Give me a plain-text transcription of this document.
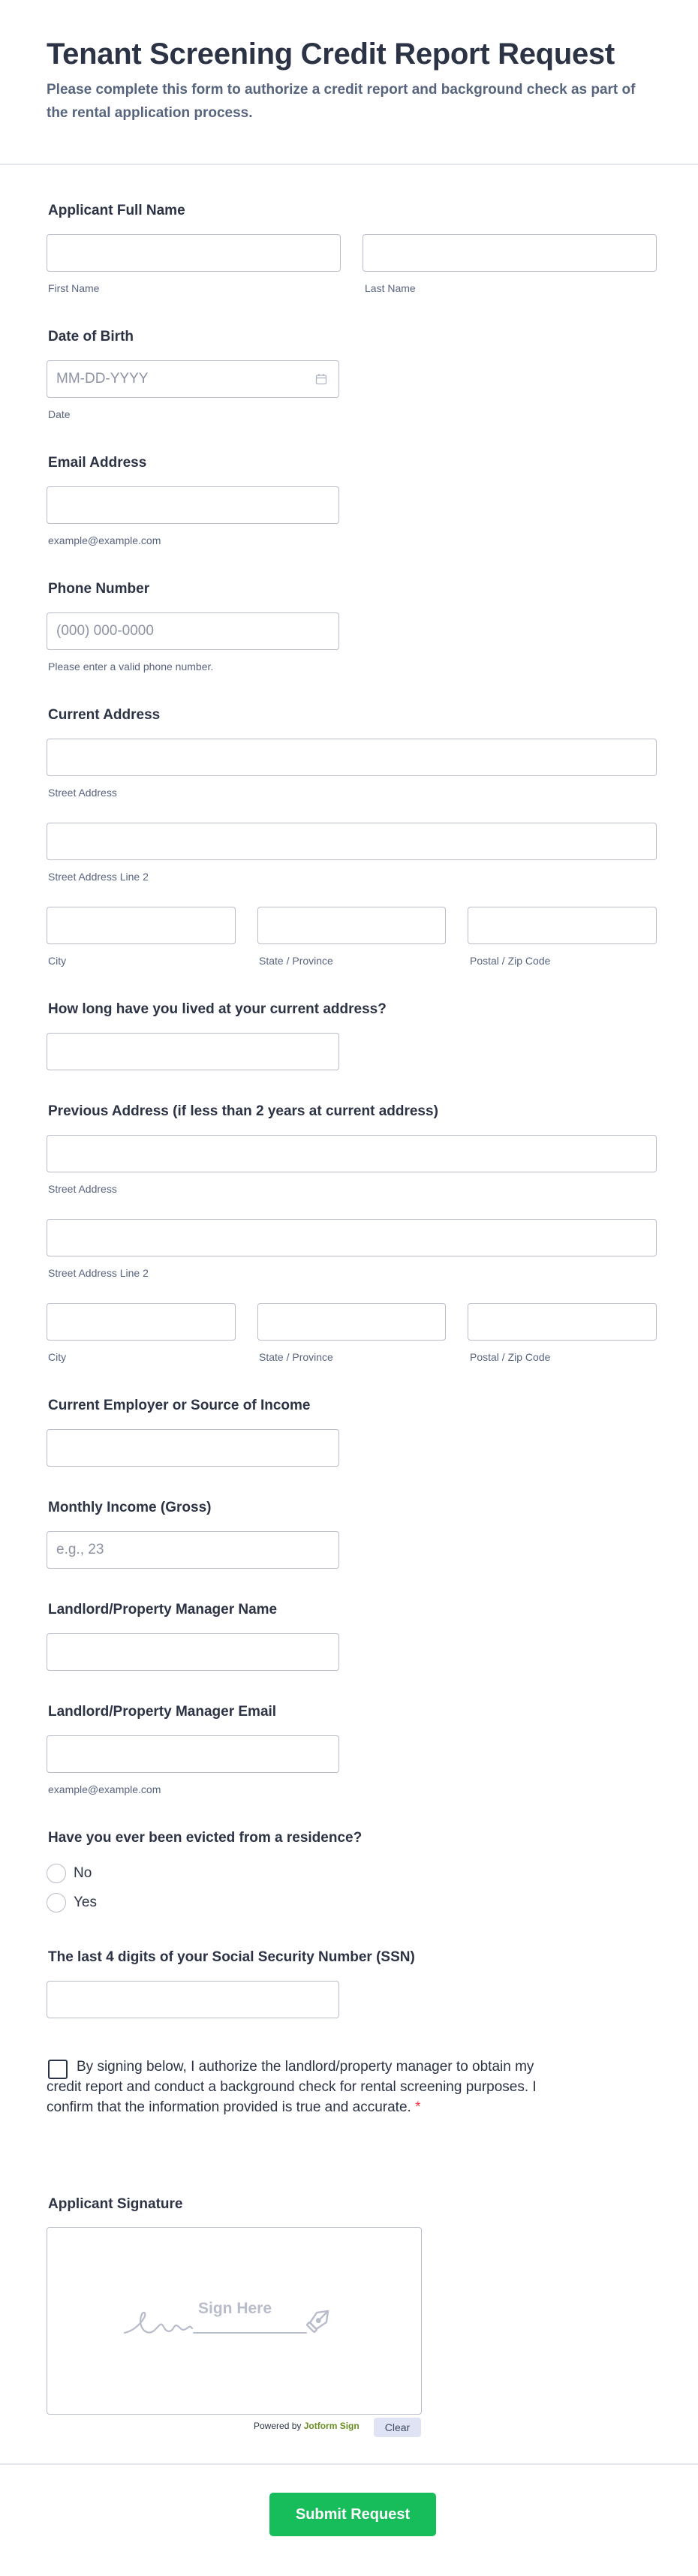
Tenant Screening Credit Report Request

Please complete this form to authorize a credit report and background check as part of the rental application process.

Applicant Full Name
First Name	Last Name
Date of Birth
MM-DD-YYYY
Date
Email Address
example@example.com
Phone Number
(000) 000-0000
Please enter a valid phone number.
Current Address
Street Address
Street Address Line 2
City	State / Province	Postal / Zip Code
How long have you lived at your current address?
Previous Address (if less than 2 years at current address)
Street Address
Street Address Line 2
City	State / Province	Postal / Zip Code
Current Employer or Source of Income
Monthly Income (Gross)
e.g., 23
Landlord/Property Manager Name
Landlord/Property Manager Email
example@example.com
Have you ever been evicted from a residence?
No
Yes
The last 4 digits of your Social Security Number (SSN)

By signing below, I authorize the landlord/property manager to obtain my credit report and conduct a background check for rental screening purposes. I confirm that the information provided is true and accurate. *

Applicant Signature
Sign Here
Powered by Jotform Sign	Clear
Submit Request
